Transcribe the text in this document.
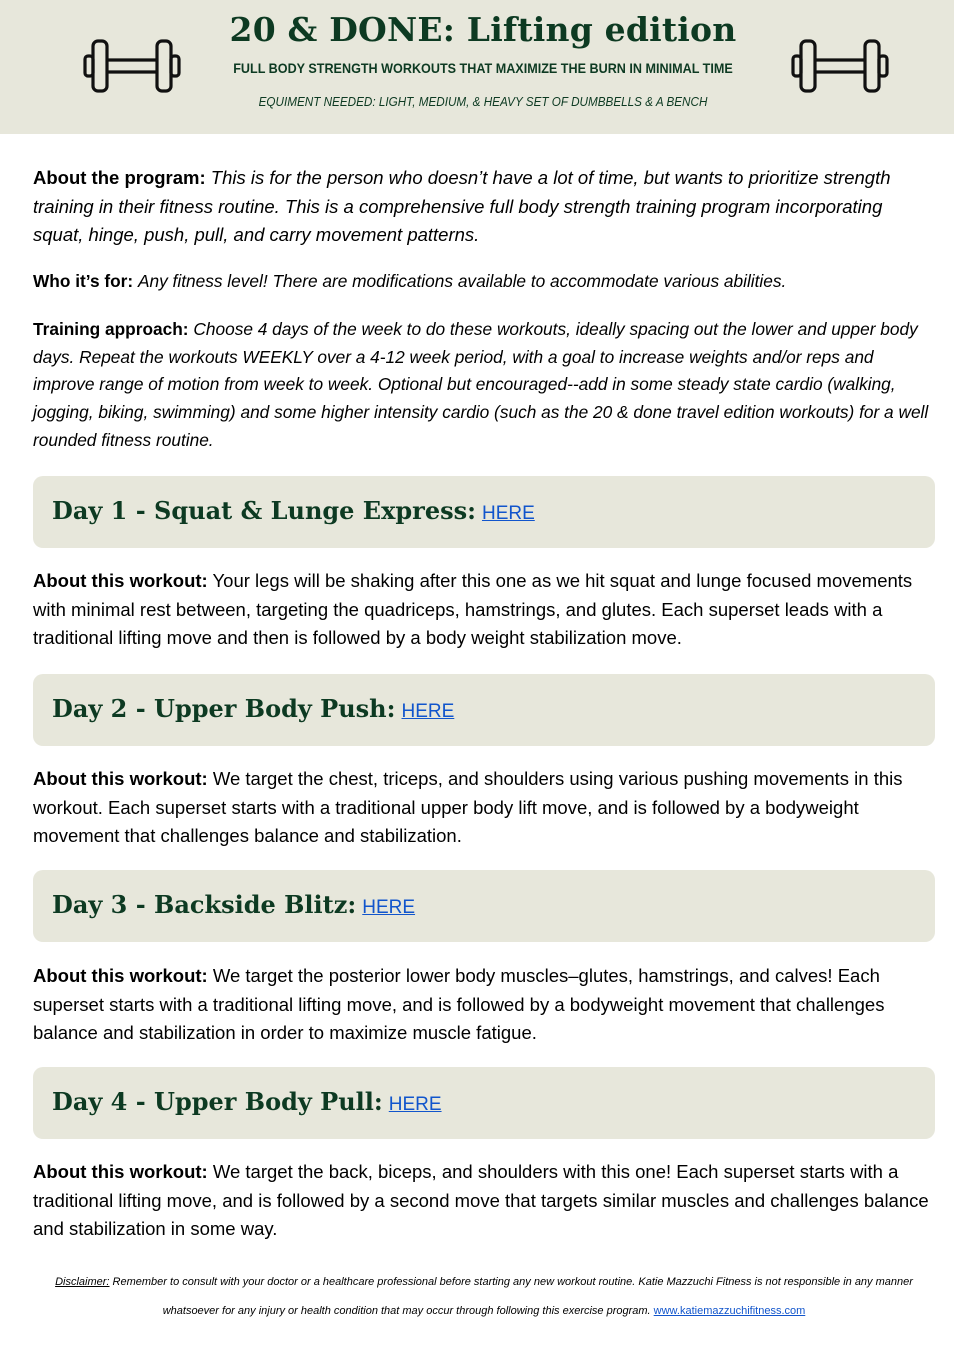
20 & DONE: Lifting edition
FULL BODY STRENGTH WORKOUTS THAT MAXIMIZE THE BURN IN MINIMAL TIME
EQUIMENT NEEDED: LIGHT, MEDIUM, & HEAVY SET OF DUMBBELLS & A BENCH

About the program: This is for the person who doesn’t have a lot of time, but wants to prioritize strength training in their fitness routine. This is a comprehensive full body strength training program incorporating squat, hinge, push, pull, and carry movement patterns.

Who it’s for: Any fitness level! There are modifications available to accommodate various abilities.

Training approach: Choose 4 days of the week to do these workouts, ideally spacing out the lower and upper body days. Repeat the workouts WEEKLY over a 4-12 week period, with a goal to increase weights and/or reps and improve range of motion from week to week. Optional but encouraged--add in some steady state cardio (walking, jogging, biking, swimming) and some higher intensity cardio (such as the 20 & done travel edition workouts) for a well rounded fitness routine.

Day 1 - Squat & Lunge Express: HERE

About this workout: Your legs will be shaking after this one as we hit squat and lunge focused movements with minimal rest between, targeting the quadriceps, hamstrings, and glutes. Each superset leads with a traditional lifting move and then is followed by a body weight stabilization move.

Day 2 - Upper Body Push: HERE

About this workout: We target the chest, triceps, and shoulders using various pushing movements in this workout. Each superset starts with a traditional upper body lift move, and is followed by a bodyweight movement that challenges balance and stabilization.

Day 3 - Backside Blitz: HERE

About this workout: We target the posterior lower body muscles–glutes, hamstrings, and calves! Each superset starts with a traditional lifting move, and is followed by a bodyweight movement that challenges balance and stabilization in order to maximize muscle fatigue.

Day 4 - Upper Body Pull: HERE

About this workout: We target the back, biceps, and shoulders with this one! Each superset starts with a traditional lifting move, and is followed by a second move that targets similar muscles and challenges balance and stabilization in some way.

Disclaimer: Remember to consult with your doctor or a healthcare professional before starting any new workout routine. Katie Mazzuchi Fitness is not responsible in any manner whatsoever for any injury or health condition that may occur through following this exercise program. www.katiemazzuchifitness.com
